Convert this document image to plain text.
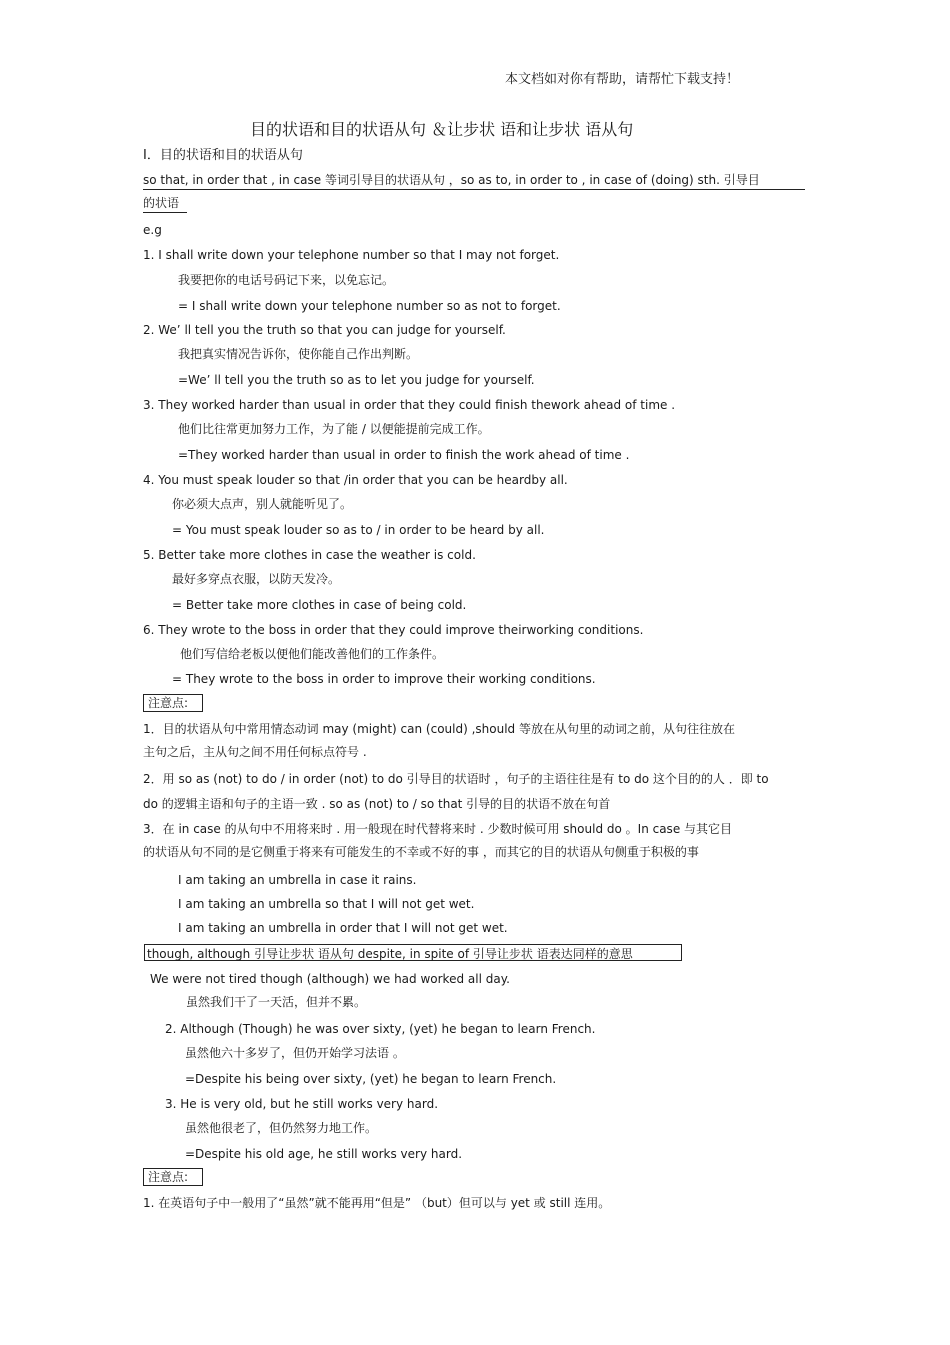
本文档如对你有帮助，请帮忙下载支持！
目的状语和目的状语从句 ＆让步状 语和让步状 语从句
I．目的状语和目的状语从句
so that, in order that , in case 等词引导目的状语从句 ，so as to, in order to , in case of (doing) sth. 引导目
的状语
e.g
1. I shall write down your telephone number so that I may not forget.
我要把你的电话号码记下来，以免忘记。
= I shall write down your telephone number so as not to forget.
2. We’ ll tell you the truth so that you can judge for yourself.
我把真实情况告诉你，使你能自己作出判断。
=We’ ll tell you the truth so as to let you judge for yourself.
3. They worked harder than usual in order that they could finish thework ahead of time .
他们比往常更加努力工作，为了能 / 以便能提前完成工作。
=They worked harder than usual in order to finish the work ahead of time .
4. You must speak louder so that /in order that you can be heardby all.
你必须大点声，别人就能听见了。
= You must speak louder so as to / in order to be heard by all.
5. Better take more clothes in case the weather is cold.
最好多穿点衣服，以防天发冷。
= Better take more clothes in case of being cold.
6. They wrote to the boss in order that they could improve theirworking conditions.
他们写信给老板以便他们能改善他们的工作条件。
= They wrote to the boss in order to improve their working conditions.
注意点:
1．目的状语从句中常用情态动词 may (might) can (could) ,should 等放在从句里的动词之前，从句往往放在
主句之后，主从句之间不用任何标点符号 .
2．用 so as (not) to do / in order (not) to do 引导目的状语时 ，句子的主语往往是有 to do 这个目的的人 ．即 to
do 的逻辑主语和句子的主语一致 . so as (not) to / so that 引导的目的状语不放在句首
3．在 in case 的从句中不用将来时 . 用一般现在时代替将来时 . 少数时候可用 should do 。In case 与其它目
的状语从句不同的是它侧重于将来有可能发生的不幸或不好的事 ，而其它的目的状语从句侧重于积极的事
I am taking an umbrella in case it rains.
I am taking an umbrella so that I will not get wet.
I am taking an umbrella in order that I will not get wet.
though, although 引导让步状 语从句 despite, in spite of 引导让步状 语表达同样的意思
We were not tired though (although) we had worked all day.
虽然我们干了一天活，但并不累。
2. Although (Though) he was over sixty, (yet) he began to learn French.
虽然他六十多岁了，但仍开始学习法语 。
=Despite his being over sixty, (yet) he began to learn French.
3. He is very old, but he still works very hard.
虽然他很老了，但仍然努力地工作。
=Despite his old age, he still works very hard.
注意点:
1. 在英语句子中一般用了“虽然”就不能再用“但是” （but）但可以与 yet 或 still 连用。
